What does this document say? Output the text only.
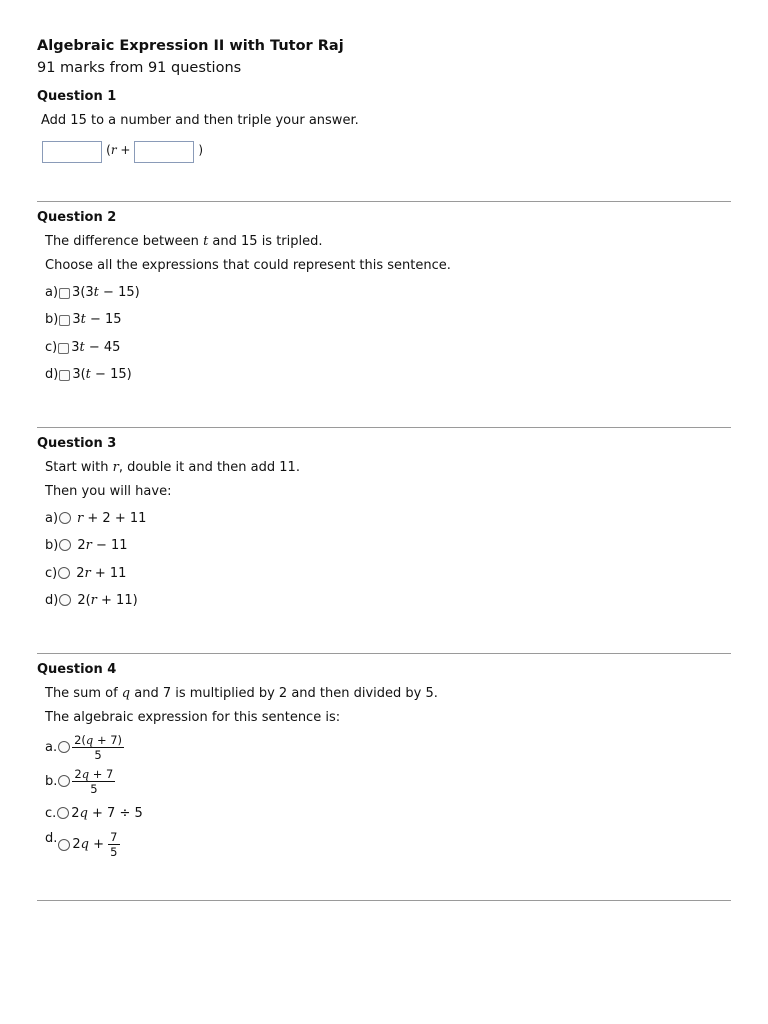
Algebraic Expression II with Tutor Raj

91 marks from 91 questions

Question 1
Add 15 to a number and then triple your answer.
(r +	)
Question 2
The difference between t and 15 is tripled.
Choose all the expressions that could represent this sentence.
a) 3(3t − 15)
b) 3t − 15
c) 3t − 45
d) 3(t − 15)
Question 3
Start with r, double it and then add 11.
Then you will have:
a) r + 2 + 11
b) 2r − 11
c) 2r + 11
d) 2(r + 11)
Question 4
The sum of q and 7 is multiplied by 2 and then divided by 5.
The algebraic expression for this sentence is:
a. $\frac{2(q + 7)}{5}$
b. $\frac{2q + 7}{5}$
c. 2q + 7 ÷ 5
d. $2q + \frac{7}{5}$
